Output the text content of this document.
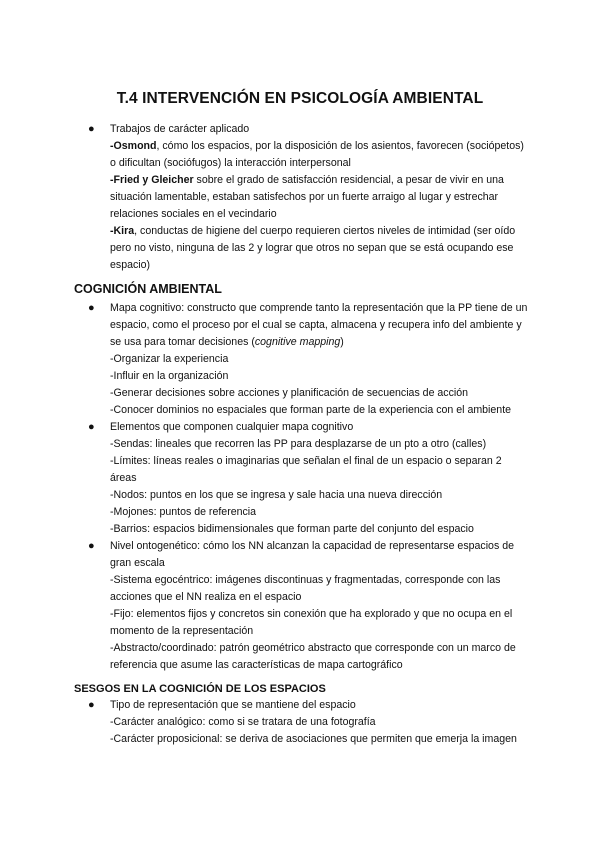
T.4 INTERVENCIÓN EN PSICOLOGÍA AMBIENTAL
● Trabajos de carácter aplicado
-Osmond, cómo los espacios, por la disposición de los asientos, favorecen (sociópetos) o dificultan (sociófugos) la interacción interpersonal
-Fried y Gleicher sobre el grado de satisfacción residencial, a pesar de vivir en una situación lamentable, estaban satisfechos por un fuerte arraigo al lugar y estrechar relaciones sociales en el vecindario
-Kira, conductas de higiene del cuerpo requieren ciertos niveles de intimidad (ser oído pero no visto, ninguna de las 2 y lograr que otros no sepan que se está ocupando ese espacio)
COGNICIÓN AMBIENTAL
● Mapa cognitivo: constructo que comprende tanto la representación que la PP tiene de un espacio, como el proceso por el cual se capta, almacena y recupera info del ambiente y se usa para tomar decisiones (cognitive mapping)
-Organizar la experiencia
-Influir en la organización
-Generar decisiones sobre acciones y planificación de secuencias de acción
-Conocer dominios no espaciales que forman parte de la experiencia con el ambiente
● Elementos que componen cualquier mapa cognitivo
-Sendas: lineales que recorren las PP para desplazarse de un pto a otro (calles)
-Límites: líneas reales o imaginarias que señalan el final de un espacio o separan 2 áreas
-Nodos: puntos en los que se ingresa y sale hacia una nueva dirección
-Mojones: puntos de referencia
-Barrios: espacios bidimensionales que forman parte del conjunto del espacio
● Nivel ontogenético: cómo los NN alcanzan la capacidad de representarse espacios de gran escala
-Sistema egocéntrico: imágenes discontinuas y fragmentadas, corresponde con las acciones que el NN realiza en el espacio
-Fijo: elementos fijos y concretos sin conexión que ha explorado y que no ocupa en el momento de la representación
-Abstracto/coordinado: patrón geométrico abstracto que corresponde con un marco de referencia que asume las características de mapa cartográfico
SESGOS EN LA COGNICIÓN DE LOS ESPACIOS
● Tipo de representación que se mantiene del espacio
-Carácter analógico: como si se tratara de una fotografía
-Carácter proposicional: se deriva de asociaciones que permiten que emerja la imagen
